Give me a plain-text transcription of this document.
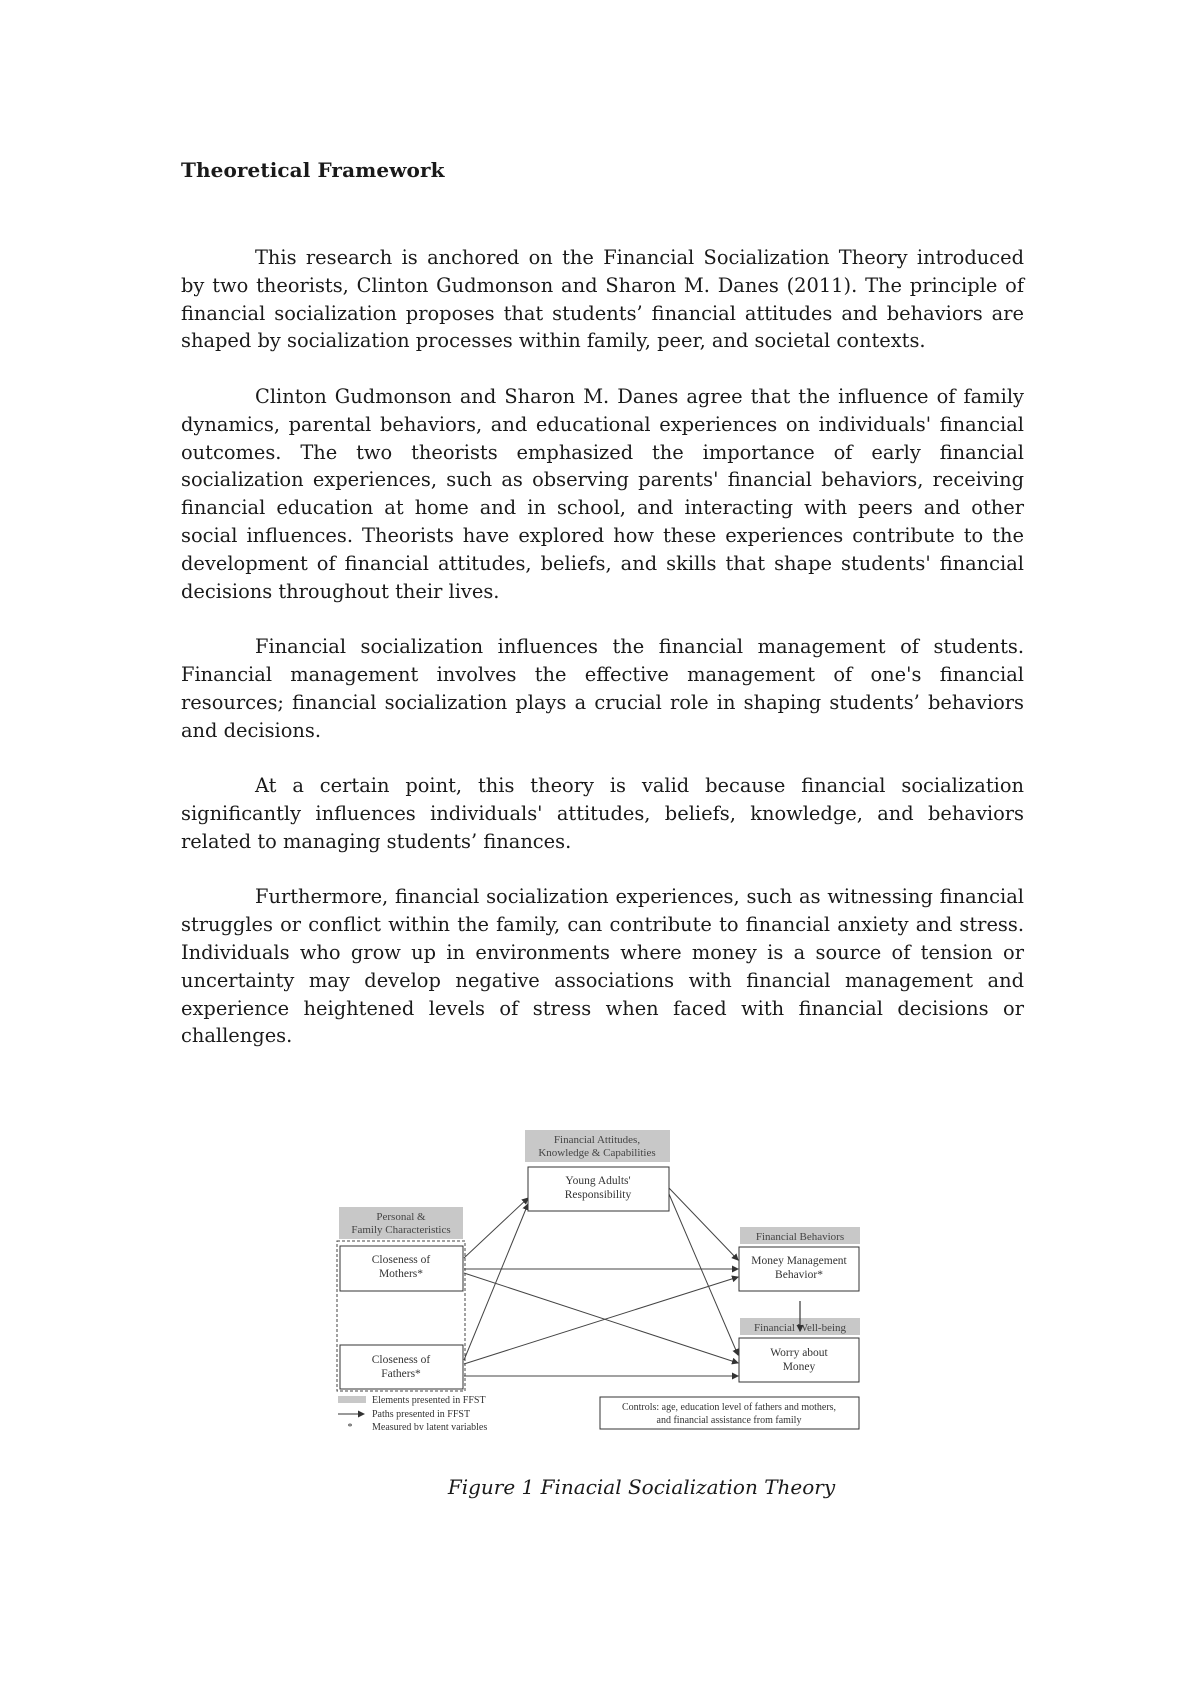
Theoretical Framework

This research is anchored on the Financial Socialization Theory introduced by two theorists, Clinton Gudmonson and Sharon M. Danes (2011). The principle of financial socialization proposes that students’ financial attitudes and behaviors are shaped by socialization processes within family, peer, and societal contexts.

Clinton Gudmonson and Sharon M. Danes agree that the influence of family dynamics, parental behaviors, and educational experiences on individuals' financial outcomes. The two theorists emphasized the importance of early financial socialization experiences, such as observing parents' financial behaviors, receiving financial education at home and in school, and interacting with peers and other social influences. Theorists have explored how these experiences contribute to the development of financial attitudes, beliefs, and skills that shape students' financial decisions throughout their lives.

Financial socialization influences the financial management of students. Financial management involves the effective management of one's financial resources; financial socialization plays a crucial role in shaping students’ behaviors and decisions.

At a certain point, this theory is valid because financial socialization significantly influences individuals' attitudes, beliefs, knowledge, and behaviors related to managing students’ finances.

Furthermore, financial socialization experiences, such as witnessing financial struggles or conflict within the family, can contribute to financial anxiety and stress. Individuals who grow up in environments where money is a source of tension or uncertainty may develop negative associations with financial management and experience heightened levels of stress when faced with financial decisions or challenges.

Financial Attitudes,
Knowledge & Capabilities
Personal &
Family Characteristics
Financial Behaviors
Financial Well-being
Young Adults'
Responsibility
Closeness of
Mothers*
Closeness of
Fathers*
Money Management
Behavior*
Worry about
Money
Elements presented in FFST
Paths presented in FFST
* Measured by latent variables
Controls: age, education level of fathers and mothers,
and financial assistance from family
Figure 1 Finacial Socialization Theory
